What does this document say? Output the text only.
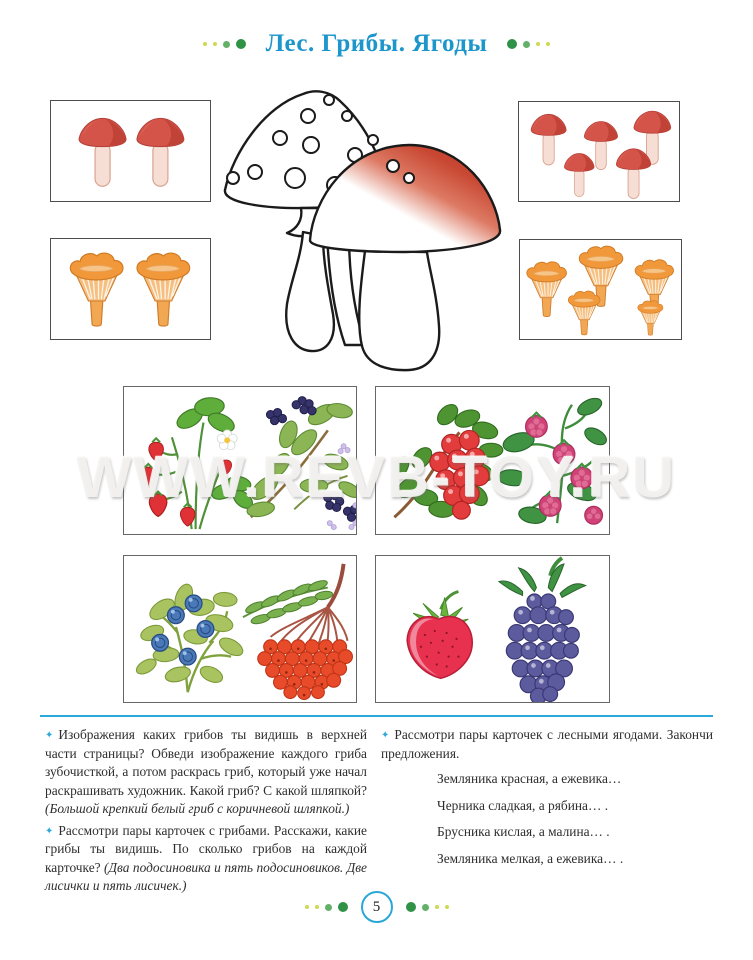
Лес. Грибы. Ягоды
WWW.REVB-TOY.RU

✦ Изображения каких грибов ты видишь в верхней части страницы? Обведи изображение каждого гриба зубочисткой, а потом раскрась гриб, который уже начал раскрашивать художник. Какой гриб? С какой шляпкой? (Большой крепкий белый гриб с коричневой шляпкой.)

✦ Рассмотри пары карточек с грибами. Расскажи, какие грибы ты видишь. По сколько грибов на каждой карточке? (Два подосиновика и пять подосиновиков. Две лисички и пять лисичек.)

✦ Рассмотри пары карточек с лесными ягодами. Закончи предложения.

Земляника красная, а ежевика…
Черника сладкая, а рябина… .
Брусника кислая, а малина… .
Земляника мелкая, а ежевика… .
5
